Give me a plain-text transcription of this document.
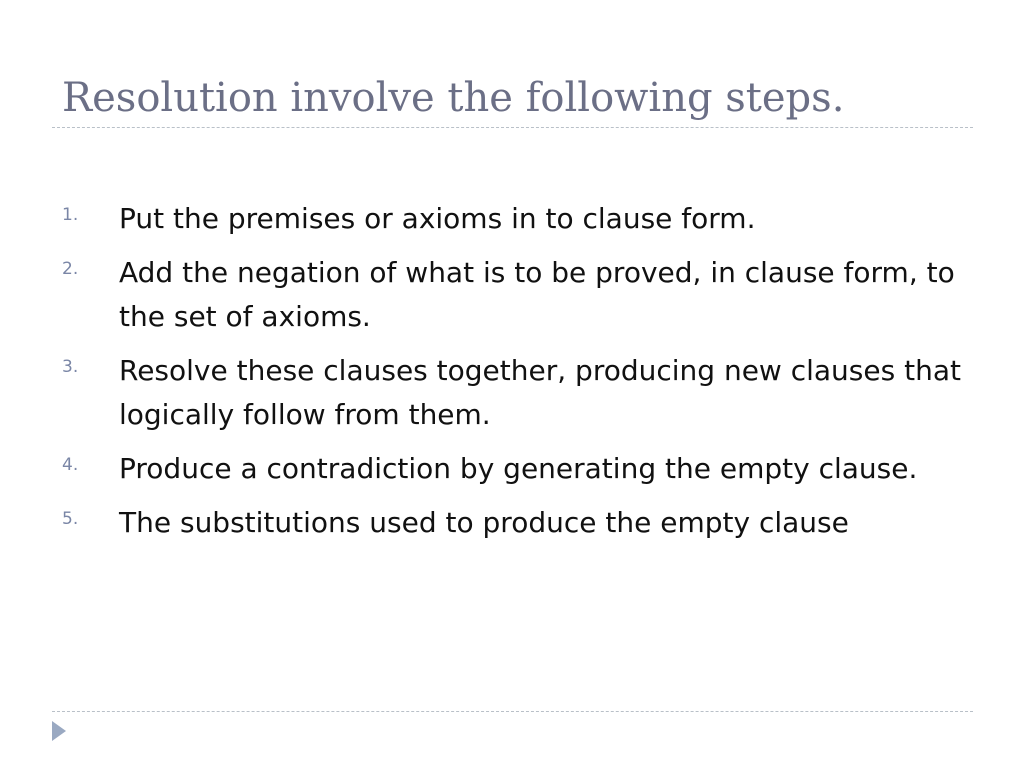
Resolution involve the following steps.
1. Put the premises or axioms in to clause form.
2. Add the negation of what is to be proved, in clause form, to the set of axioms.
3. Resolve these clauses together, producing new clauses that logically follow from them.
4. Produce a contradiction by generating the empty clause.
5. The substitutions used to produce the empty clause
